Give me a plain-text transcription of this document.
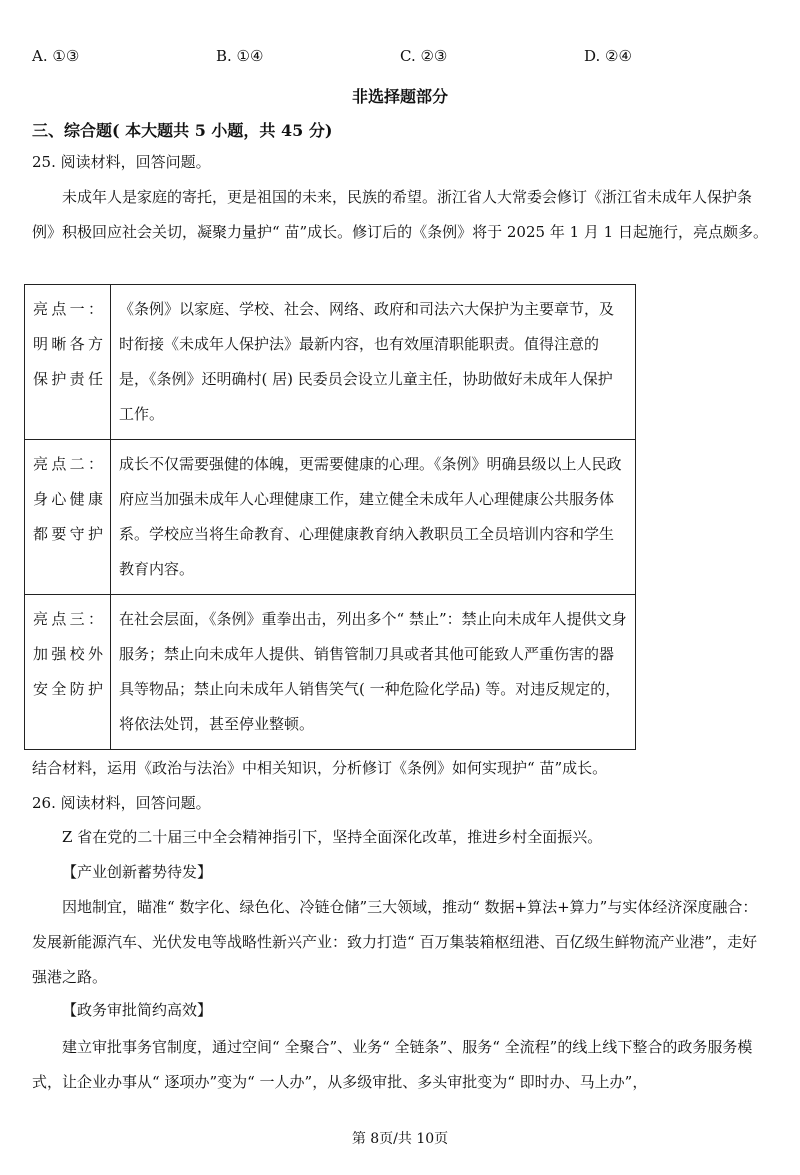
A. ①③	B. ①④	C. ②③	D. ②④
非选择题部分
三、综合题( 本大题共 5 小题，共 45 分)
25. 阅读材料，回答问题。
未成年人是家庭的寄托，更是祖国的未来，民族的希望。浙江省人大常委会修订《浙江省未成年人保护条例》积极回应社会关切，凝聚力量护“ 苗”成长。修订后的《条例》将于 2025 年 1 月 1 日起施行，亮点颇多。
亮点一：明晰各方保护责任	《条例》以家庭、学校、社会、网络、政府和司法六大保护为主要章节，及时衔接《未成年人保护法》最新内容，也有效厘清职能职责。值得注意的是，《条例》还明确村( 居) 民委员会设立儿童主任，协助做好未成年人保护工作。
亮点二：身心健康都要守护	成长不仅需要强健的体魄，更需要健康的心理。《条例》明确县级以上人民政府应当加强未成年人心理健康工作，建立健全未成年人心理健康公共服务体系。学校应当将生命教育、心理健康教育纳入教职员工全员培训内容和学生教育内容。
亮点三：加强校外安全防护	在社会层面，《条例》重拳出击，列出多个“ 禁止”：禁止向未成年人提供文身服务；禁止向未成年人提供、销售管制刀具或者其他可能致人严重伤害的器具等物品；禁止向未成年人销售笑气( 一种危险化学品) 等。对违反规定的，将依法处罚，甚至停业整顿。
结合材料，运用《政治与法治》中相关知识，分析修订《条例》如何实现护“ 苗”成长。
26. 阅读材料，回答问题。
Z 省在党的二十届三中全会精神指引下，坚持全面深化改革，推进乡村全面振兴。
【产业创新蓄势待发】
因地制宜，瞄准“ 数字化、绿色化、冷链仓储”三大领域，推动“ 数据+算法+算力”与实体经济深度融合：发展新能源汽车、光伏发电等战略性新兴产业：致力打造“ 百万集装箱枢纽港、百亿级生鲜物流产业港”，走好强港之路。
【政务审批简约高效】
建立审批事务官制度，通过空间“ 全聚合”、业务“ 全链条”、服务“ 全流程”的线上线下整合的政务服务模式，让企业办事从“ 逐项办”变为“ 一人办”，从多级审批、多头审批变为“ 即时办、马上办”，
第 8页/共 10页
